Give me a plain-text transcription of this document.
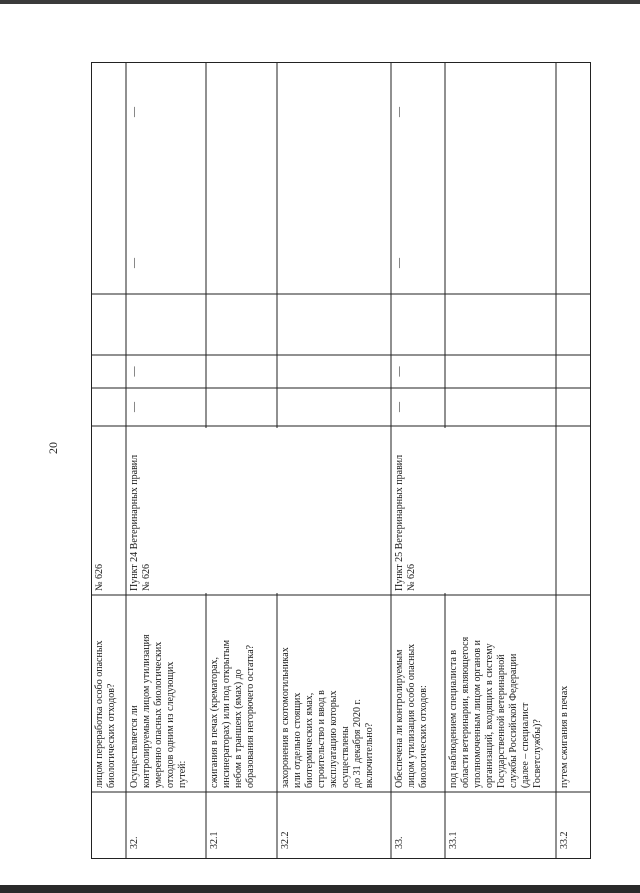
20
лицом переработка особо опасных
биологических отходов?
№ 626
32.
Осуществляется ли
контролируемым лицом утилизация
умеренно опасных биологических
отходов одним из следующих
путей:
Пункт 24 Ветеринарных правил
№ 626
—
—
—
—
32.1
сжигания в печах (крематорах,
инсинераторах) или под открытым
небом в траншеях (ямах) до
образования негорючего остатка?
32.2
захоронения в скотомогильниках
или отдельно стоящих
биотермических ямах,
строительство и ввод в
эксплуатацию которых
осуществлены
до 31 декабря 2020 г.
включительно?
33.
Обеспечена ли контролируемым
лицом утилизация особо опасных
биологических отходов:
Пункт 25 Ветеринарных правил
№ 626
—
—
—
—
33.1
под наблюдением специалиста в
области ветеринарии, являющегося
уполномоченным лицом органов и
организаций, входящих в систему
Государственной ветеринарной
службы Российской Федерации
(далее – специалист
Госветслужбы)?
33.2
путем сжигания в печах
